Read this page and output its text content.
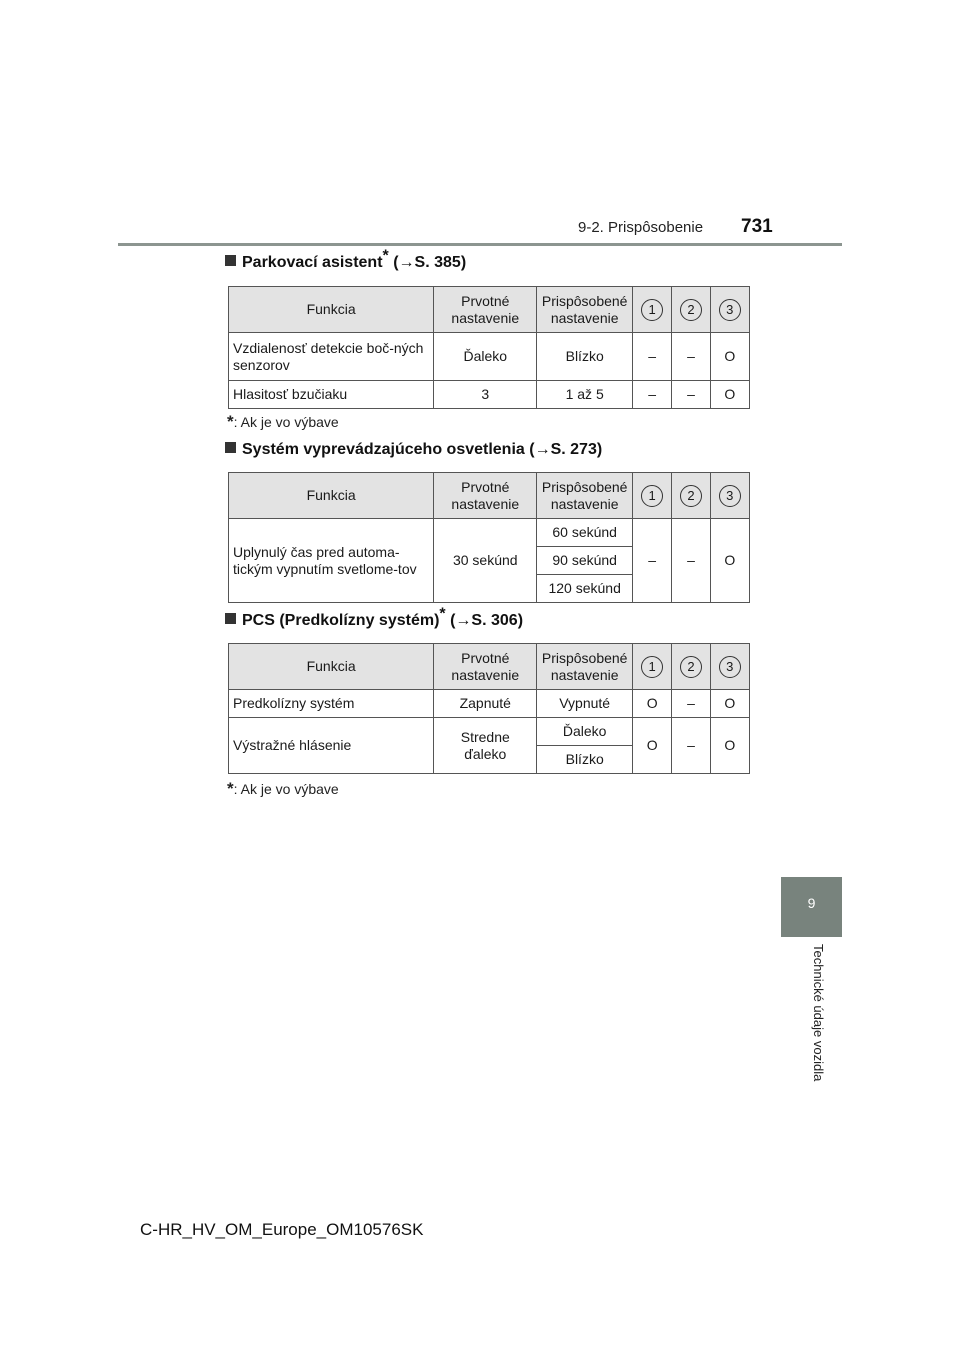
9-2. Prispôsobenie 731
9
Technické údaje vozidla
Parkovací asistent* (→S. 385)
Funkcia	Prvotné nastavenie	Prispôsobené nastavenie	1	2	3
Vzdialenosť detekcie boč-ných senzorov	Ďaleko	Blízko	–	–	O
Hlasitosť bzučiaku	3	1 až 5	–	–	O
*: Ak je vo výbave
Systém vyprevádzajúceho osvetlenia (→S. 273)
Funkcia	Prvotné nastavenie	Prispôsobené nastavenie	1	2	3
Uplynulý čas pred automa-tickým vypnutím svetlome-tov	30 sekúnd	60 sekúnd	–	–	O
		90 sekúnd			
		120 sekúnd			
PCS (Predkolízny systém)* (→S. 306)
Funkcia	Prvotné nastavenie	Prispôsobené nastavenie	1	2	3
Predkolízny systém	Zapnuté	Vypnuté	O	–	O
Výstražné hlásenie	Stredne ďaleko	Ďaleko	O	–	O
		Blízko			
*: Ak je vo výbave
C-HR_HV_OM_Europe_OM10576SK
